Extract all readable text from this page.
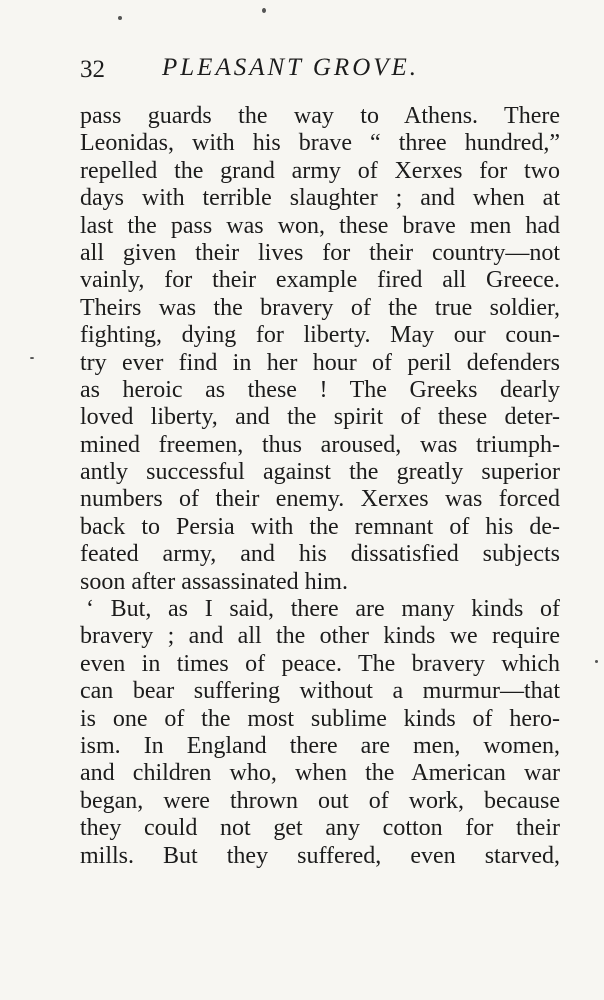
32 PLEASANT GROVE.
pass guards the way to Athens. There
Leonidas, with his brave “ three hundred,”
repelled the grand army of Xerxes for two
days with terrible slaughter ; and when at
last the pass was won, these brave men had
all given their lives for their country—not
vainly, for their example fired all Greece.
Theirs was the bravery of the true soldier,
fighting, dying for liberty. May our coun-
try ever find in her hour of peril defenders
as heroic as these ! The Greeks dearly
loved liberty, and the spirit of these deter-
mined freemen, thus aroused, was triumph-
antly successful against the greatly superior
numbers of their enemy. Xerxes was forced
back to Persia with the remnant of his de-
feated army, and his dissatisfied subjects
soon after assassinated him.
‘ But, as I said, there are many kinds of
bravery ; and all the other kinds we require
even in times of peace. The bravery which
can bear suffering without a murmur—that
is one of the most sublime kinds of hero-
ism. In England there are men, women,
and children who, when the American war
began, were thrown out of work, because
they could not get any cotton for their
mills. But they suffered, even starved,
